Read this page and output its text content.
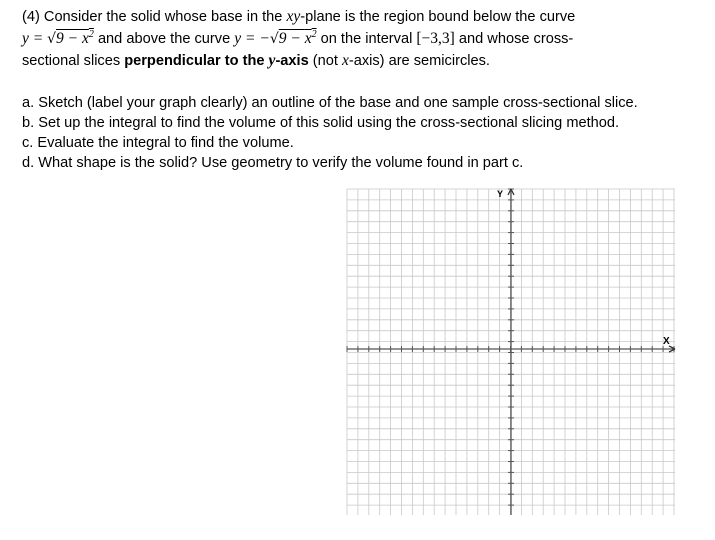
(4) Consider the solid whose base in the xy-plane is the region bound below the curve
$y = √9 - x^2$ and above the curve $y = -√9 - x^2$ on the interval [−3,3] and whose cross-
sectional slices perpendicular to the y-axis (not x-axis) are semicircles.
a. Sketch (label your graph clearly) an outline of the base and one sample cross-sectional slice.
b. Set up the integral to find the volume of this solid using the cross-sectional slicing method.
c. Evaluate the integral to find the volume.
d. What shape is the solid? Use geometry to verify the volume found in part c.
X
Y
